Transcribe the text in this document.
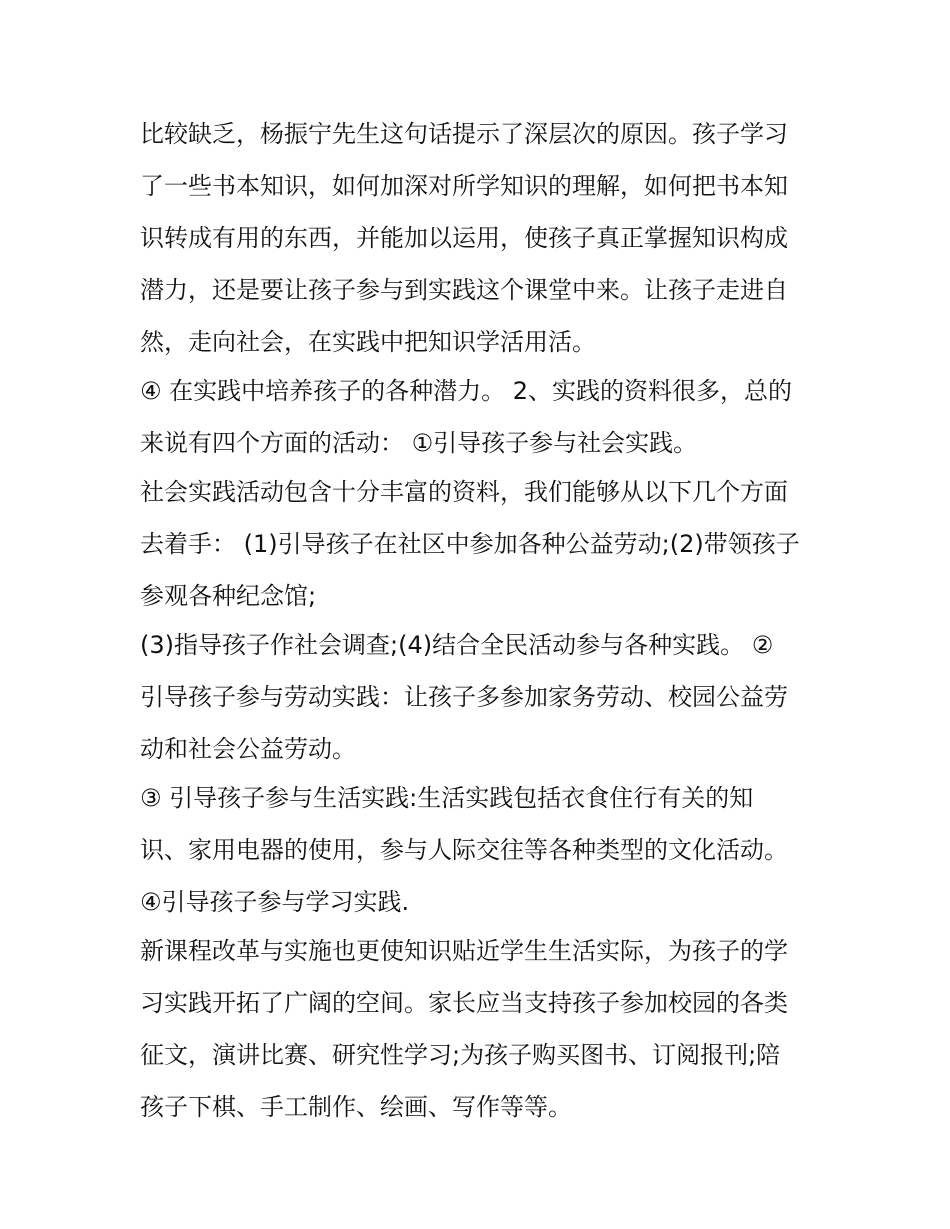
比较缺乏，杨振宁先生这句话提示了深层次的原因。孩子学习
了一些书本知识，如何加深对所学知识的理解，如何把书本知
识转成有用的东西，并能加以运用，使孩子真正掌握知识构成
潜力，还是要让孩子参与到实践这个课堂中来。让孩子走进自
然，走向社会，在实践中把知识学活用活。
④ 在实践中培养孩子的各种潜力。 2、实践的资料很多，总的
来说有四个方面的活动： ①引导孩子参与社会实践。
社会实践活动包含十分丰富的资料，我们能够从以下几个方面
去着手： (1)引导孩子在社区中参加各种公益劳动;(2)带领孩子
参观各种纪念馆;
(3)指导孩子作社会调查;(4)结合全民活动参与各种实践。 ②
引导孩子参与劳动实践：让孩子多参加家务劳动、校园公益劳
动和社会公益劳动。
③ 引导孩子参与生活实践:生活实践包括衣食住行有关的知
识、家用电器的使用，参与人际交往等各种类型的文化活动。
④引导孩子参与学习实践.
新课程改革与实施也更使知识贴近学生生活实际，为孩子的学
习实践开拓了广阔的空间。家长应当支持孩子参加校园的各类
征文，演讲比赛、研究性学习;为孩子购买图书、订阅报刊;陪
孩子下棋、手工制作、绘画、写作等等。
